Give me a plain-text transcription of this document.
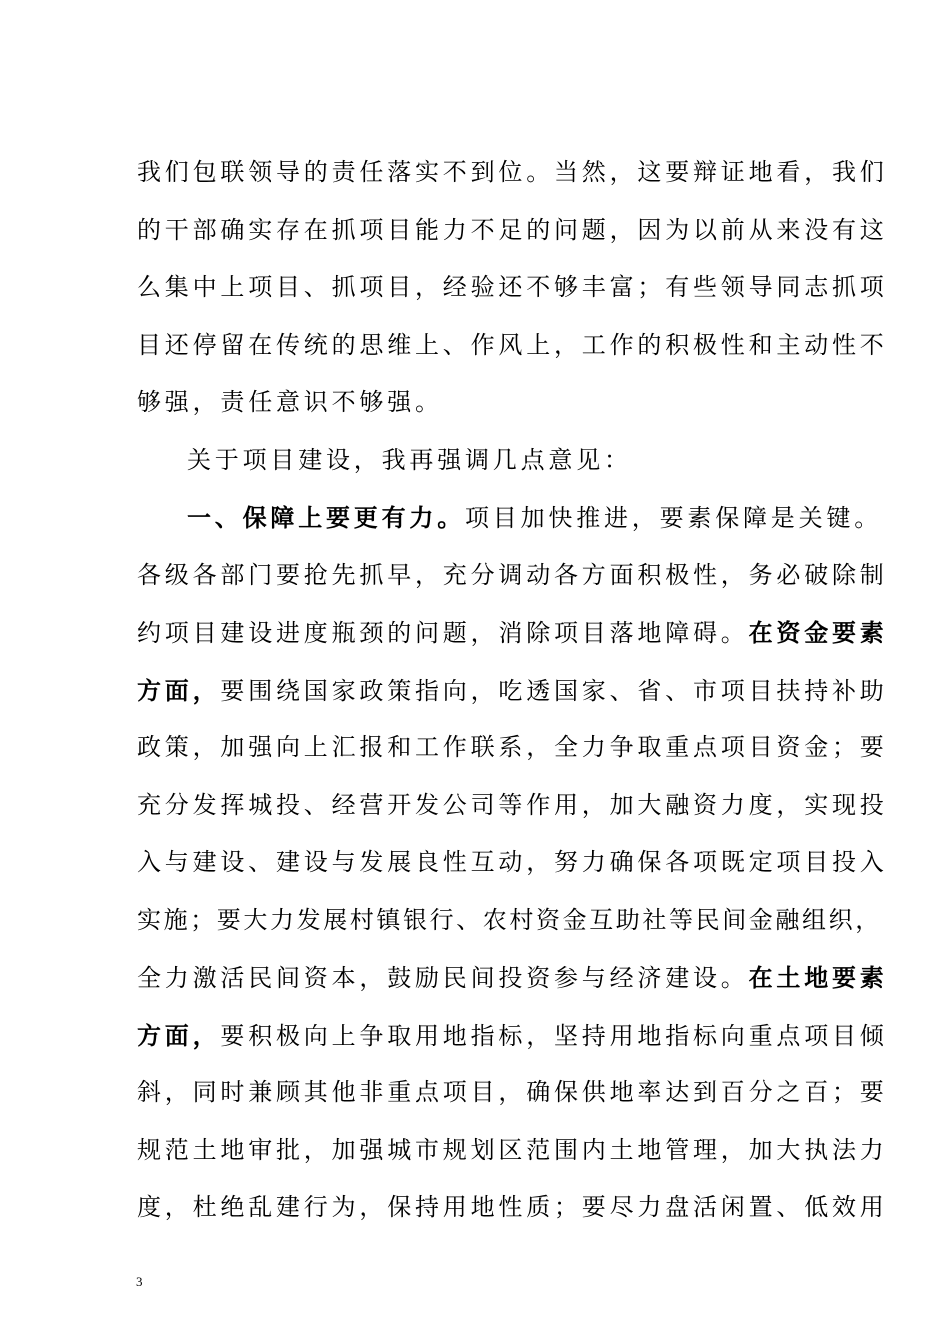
我们包联领导的责任落实不到位。当然，这要辩证地看，我们
的干部确实存在抓项目能力不足的问题，因为以前从来没有这
么集中上项目、抓项目，经验还不够丰富；有些领导同志抓项
目还停留在传统的思维上、作风上，工作的积极性和主动性不
够强，责任意识不够强。
关于项目建设，我再强调几点意见：
一、保障上要更有力。项目加快推进，要素保障是关键。
各级各部门要抢先抓早，充分调动各方面积极性，务必破除制
约项目建设进度瓶颈的问题，消除项目落地障碍。在资金要素
方面，要围绕国家政策指向，吃透国家、省、市项目扶持补助
政策，加强向上汇报和工作联系，全力争取重点项目资金；要
充分发挥城投、经营开发公司等作用，加大融资力度，实现投
入与建设、建设与发展良性互动，努力确保各项既定项目投入
实施；要大力发展村镇银行、农村资金互助社等民间金融组织，
全力激活民间资本，鼓励民间投资参与经济建设。在土地要素
方面，要积极向上争取用地指标，坚持用地指标向重点项目倾
斜，同时兼顾其他非重点项目，确保供地率达到百分之百；要
规范土地审批，加强城市规划区范围内土地管理，加大执法力
度，杜绝乱建行为，保持用地性质；要尽力盘活闲置、低效用
3
